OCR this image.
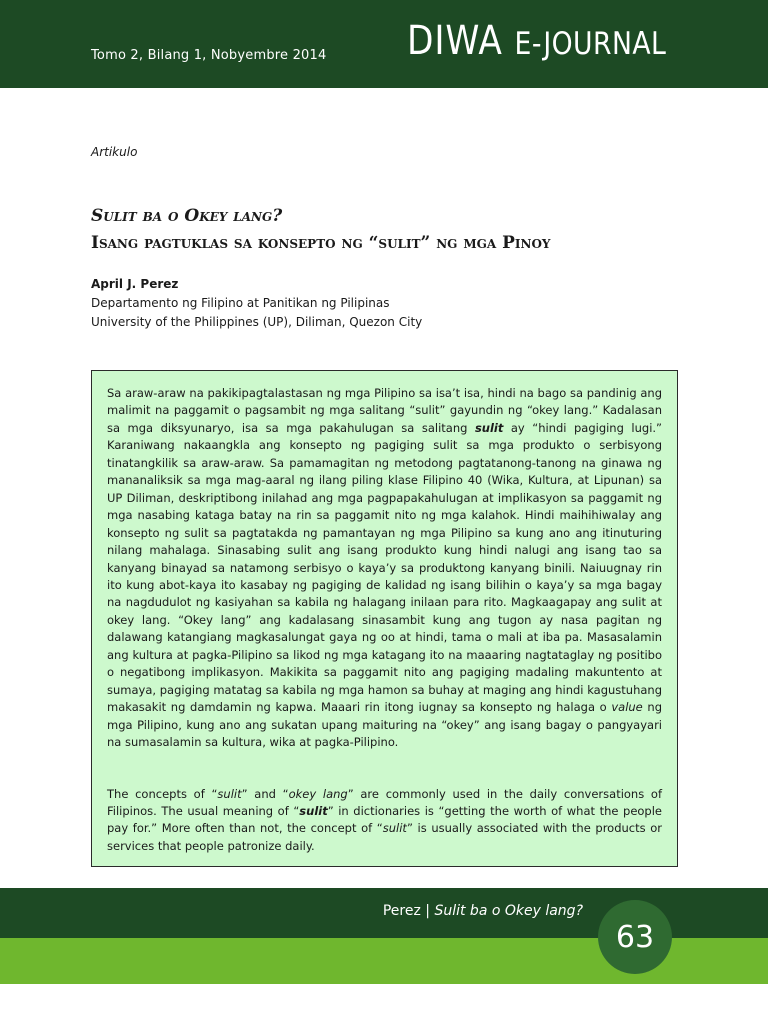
Tomo 2, Bilang 1, Nobyembre 2014 DIWA E-JOURNAL
Artikulo
Sulit ba o Okey lang?
Isang pagtuklas sa konsepto ng “sulit” ng mga Pinoy
April J. Perez
Departamento ng Filipino at Panitikan ng Pilipinas
University of the Philippines (UP), Diliman, Quezon City

Sa araw-araw na pakikipagtalastasan ng mga Pilipino sa isa’t isa, hindi na bago sa pandinig ang malimit na paggamit o pagsambit ng mga salitang “sulit” gayundin ng “okey lang.” Kadalasan sa mga diksyunaryo, isa sa mga pakahulugan sa salitang sulit ay “hindi pagiging lugi.” Karaniwang nakaangkla ang konsepto ng pagiging sulit sa mga produkto o serbisyong tinatangkilik sa araw-araw. Sa pamamagitan ng metodong pagtatanong-tanong na ginawa ng mananaliksik sa mga mag-aaral ng ilang piling klase Filipino 40 (Wika, Kultura, at Lipunan) sa UP Diliman, deskriptibong inilahad ang mga pagpapakahulugan at implikasyon sa paggamit ng mga nasabing kataga batay na rin sa paggamit nito ng mga kalahok. Hindi maihihiwalay ang konsepto ng sulit sa pagtatakda ng pamantayan ng mga Pilipino sa kung ano ang itinuturing nilang mahalaga. Sinasabing sulit ang isang produkto kung hindi nalugi ang isang tao sa kanyang binayad sa natamong serbisyo o kaya’y sa produktong kanyang binili. Naiuugnay rin ito kung abot-kaya ito kasabay ng pagiging de kalidad ng isang bilihin o kaya’y sa mga bagay na nagdudulot ng kasiyahan sa kabila ng halagang inilaan para rito. Magkaagapay ang sulit at okey lang. “Okey lang” ang kadalasang sinasambit kung ang tugon ay nasa pagitan ng dalawang katangiang magkasalungat gaya ng oo at hindi, tama o mali at iba pa. Masasalamin ang kultura at pagka-Pilipino sa likod ng mga katagang ito na maaaring nagtataglay ng positibo o negatibong implikasyon. Makikita sa paggamit nito ang pagiging madaling makuntento at sumaya, pagiging matatag sa kabila ng mga hamon sa buhay at maging ang hindi kagustuhang makasakit ng damdamin ng kapwa. Maaari rin itong iugnay sa konsepto ng halaga o value ng mga Pilipino, kung ano ang sukatan upang maituring na “okey” ang isang bagay o pangyayari na sumasalamin sa kultura, wika at pagka-Pilipino.

The concepts of “sulit” and “okey lang” are commonly used in the daily conversations of Filipinos. The usual meaning of “sulit” in dictionaries is “getting the worth of what the people pay for.” More often than not, the concept of “sulit” is usually associated with the products or services that people patronize daily.

Perez | Sulit ba o Okey lang?
63
